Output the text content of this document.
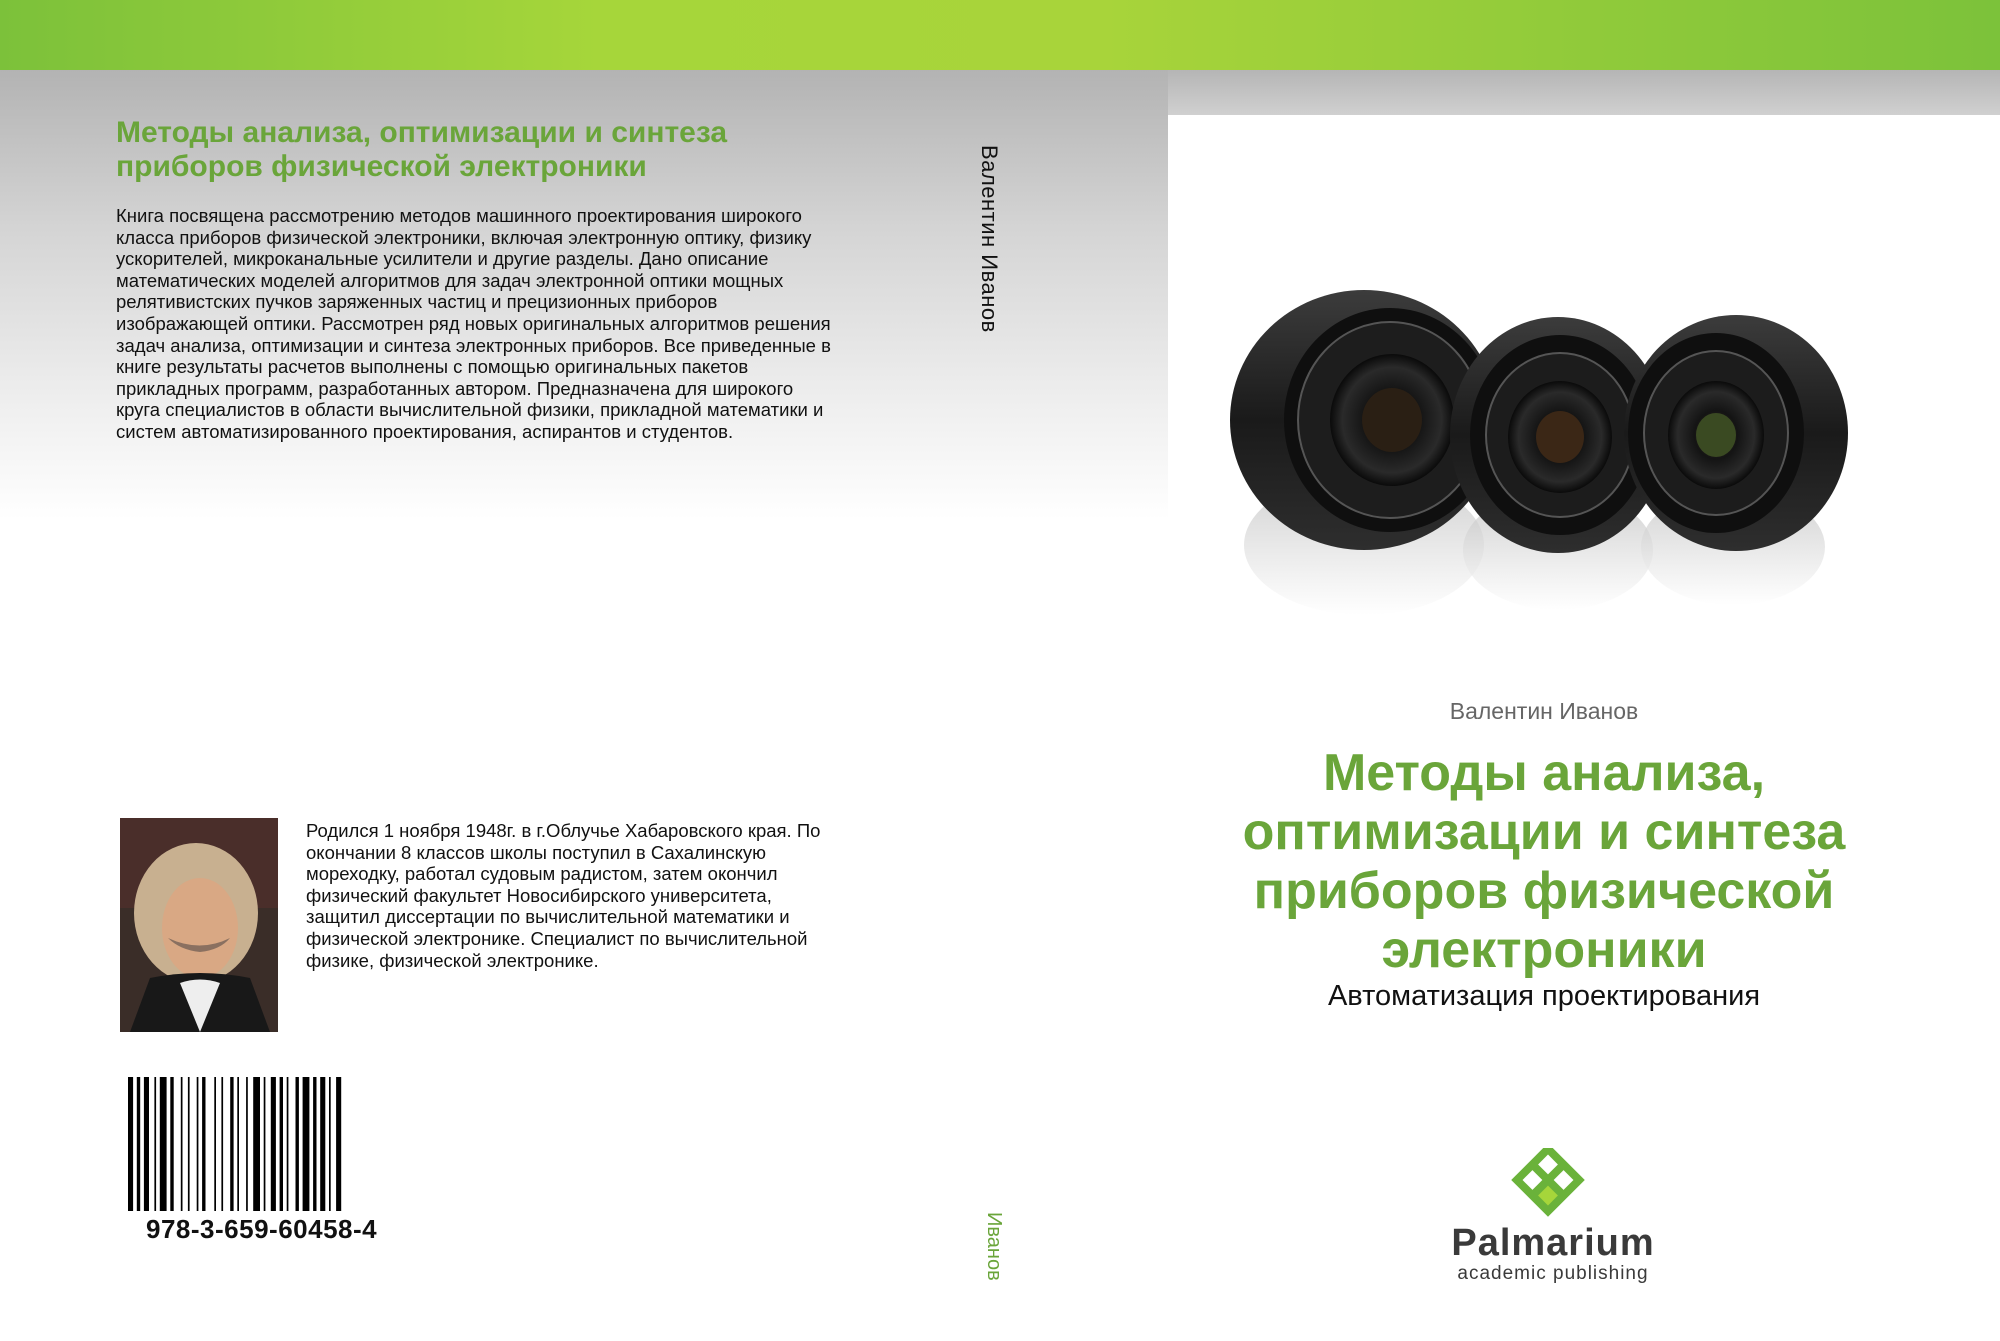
Методы анализа, оптимизации и синтеза приборов физической электроники
Книга посвящена рассмотрению методов машинного проектирования широкого класса приборов физической электроники, включая электронную оптику, физику ускорителей, микроканальные усилители и другие разделы. Дано описание математических моделей алгоритмов для задач электронной оптики мощных релятивистских пучков заряженных частиц и прецизионных приборов изображающей оптики. Рассмотрен ряд новых оригинальных алгоритмов решения задач анализа, оптимизации и синтеза электронных приборов. Все приведенные в книге результаты расчетов выполнены с помощью оригинальных пакетов прикладных программ, разработанных автором. Предназначена для широкого круга специалистов в области вычислительной физики, прикладной математики и систем автоматизированного проектирования, аспирантов и студентов.
Валентин Иванов
Иванов
Родился 1 ноября 1948г. в г.Облучье Хабаровского края. По окончании 8 классов школы поступил в Сахалинскую мореходку, работал судовым радистом, затем окончил физический факультет Новосибирского университета, защитил диссертации по вычислительной математики и физической электронике. Специалист по вычислительной физике, физической электронике.
978-3-659-60458-4
Валентин Иванов
Методы анализа, оптимизации и синтеза приборов физической электроники
Автоматизация проектирования
Palmarium
academic publishing
